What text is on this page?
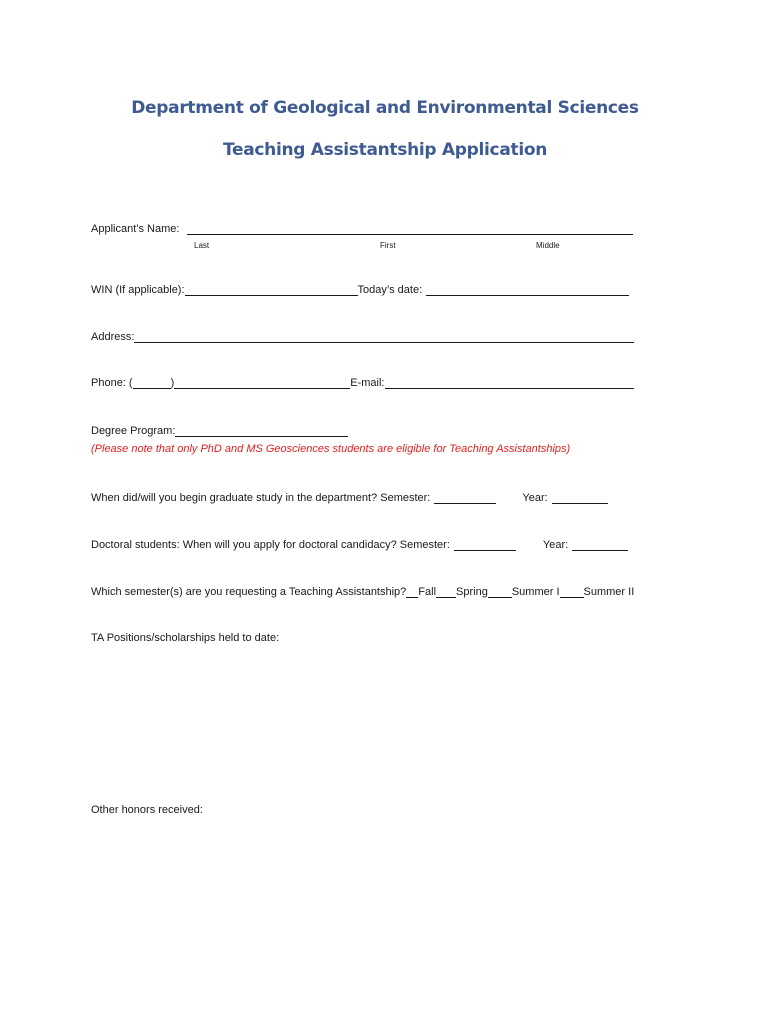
Department of Geological and Environmental Sciences
Teaching Assistantship Application
Applicant’s Name:
Last	First	Middle
WIN (If applicable):	Today’s date:
Address:
Phone: (	)	E-mail:
Degree Program:
(Please note that only PhD and MS Geosciences students are eligible for Teaching Assistantships)
When did/will you begin graduate study in the department? Semester:	Year:
Doctoral students: When will you apply for doctoral candidacy? Semester:	Year:
Which semester(s) are you requesting a Teaching Assistantship? Fall Spring Summer I Summer II
TA Positions/scholarships held to date:
Other honors received:
